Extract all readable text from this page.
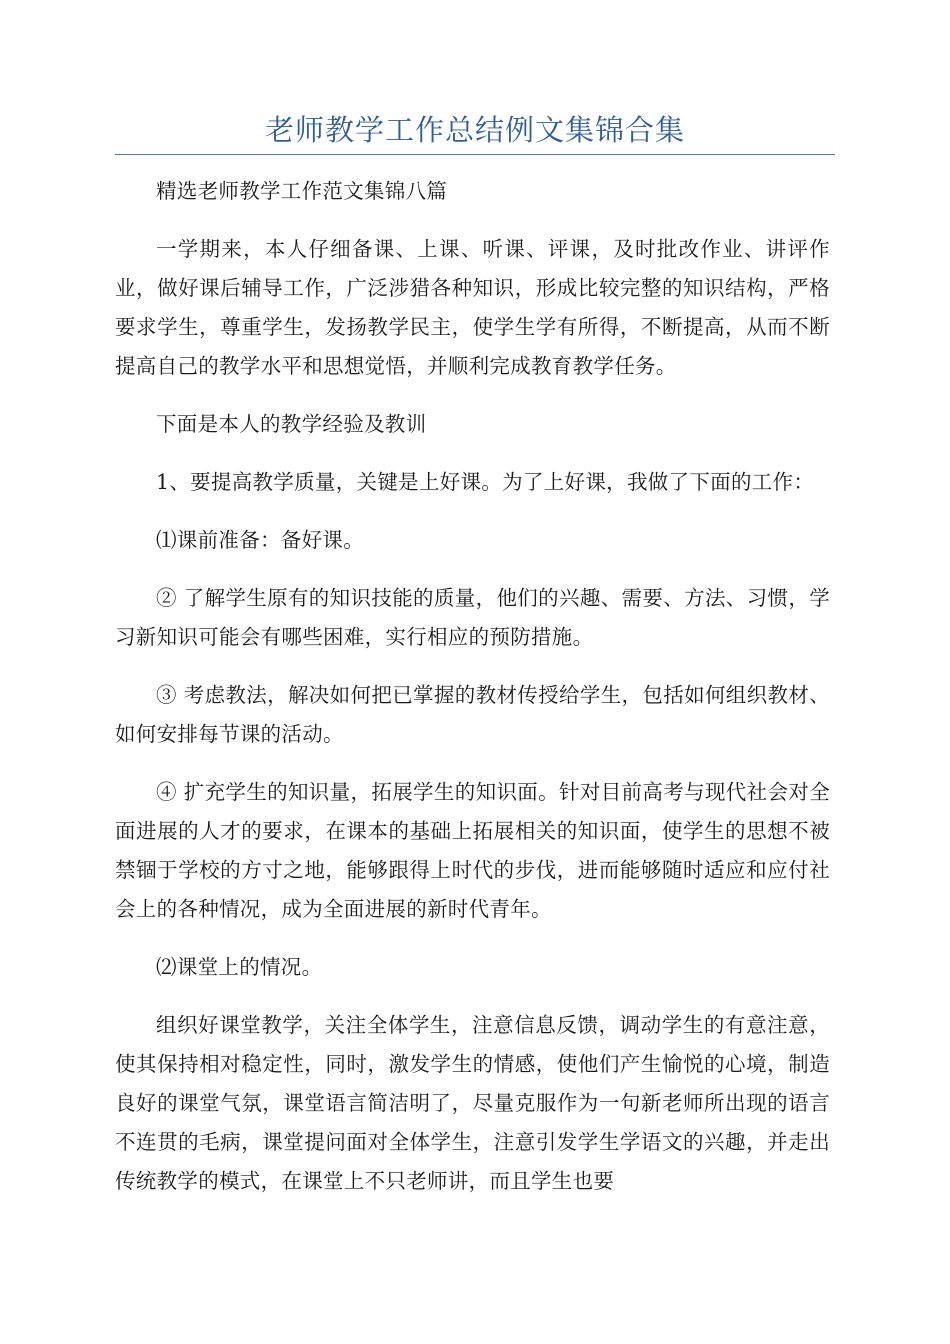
老师教学工作总结例文集锦合集

精选老师教学工作范文集锦八篇

一学期来，本人仔细备课、上课、听课、评课，及时批改作业、讲评作业，做好课后辅导工作，广泛涉猎各种知识，形成比较完整的知识结构，严格要求学生，尊重学生，发扬教学民主，使学生学有所得，不断提高，从而不断提高自己的教学水平和思想觉悟，并顺利完成教育教学任务。

下面是本人的教学经验及教训

1、要提高教学质量，关键是上好课。为了上好课，我做了下面的工作：

⑴课前准备：备好课。

② 了解学生原有的知识技能的质量，他们的兴趣、需要、方法、习惯，学习新知识可能会有哪些困难，实行相应的预防措施。

③ 考虑教法，解决如何把已掌握的教材传授给学生，包括如何组织教材、如何安排每节课的活动。

④ 扩充学生的知识量，拓展学生的知识面。针对目前高考与现代社会对全面进展的人才的要求，在课本的基础上拓展相关的知识面，使学生的思想不被禁锢于学校的方寸之地，能够跟得上时代的步伐，进而能够随时适应和应付社会上的各种情况，成为全面进展的新时代青年。

⑵课堂上的情况。

组织好课堂教学，关注全体学生，注意信息反馈，调动学生的有意注意，使其保持相对稳定性，同时，激发学生的情感，使他们产生愉悦的心境，制造良好的课堂气氛，课堂语言简洁明了，尽量克服作为一句新老师所出现的语言不连贯的毛病，课堂提问面对全体学生，注意引发学生学语文的兴趣，并走出传统教学的模式，在课堂上不只老师讲，而且学生也要
